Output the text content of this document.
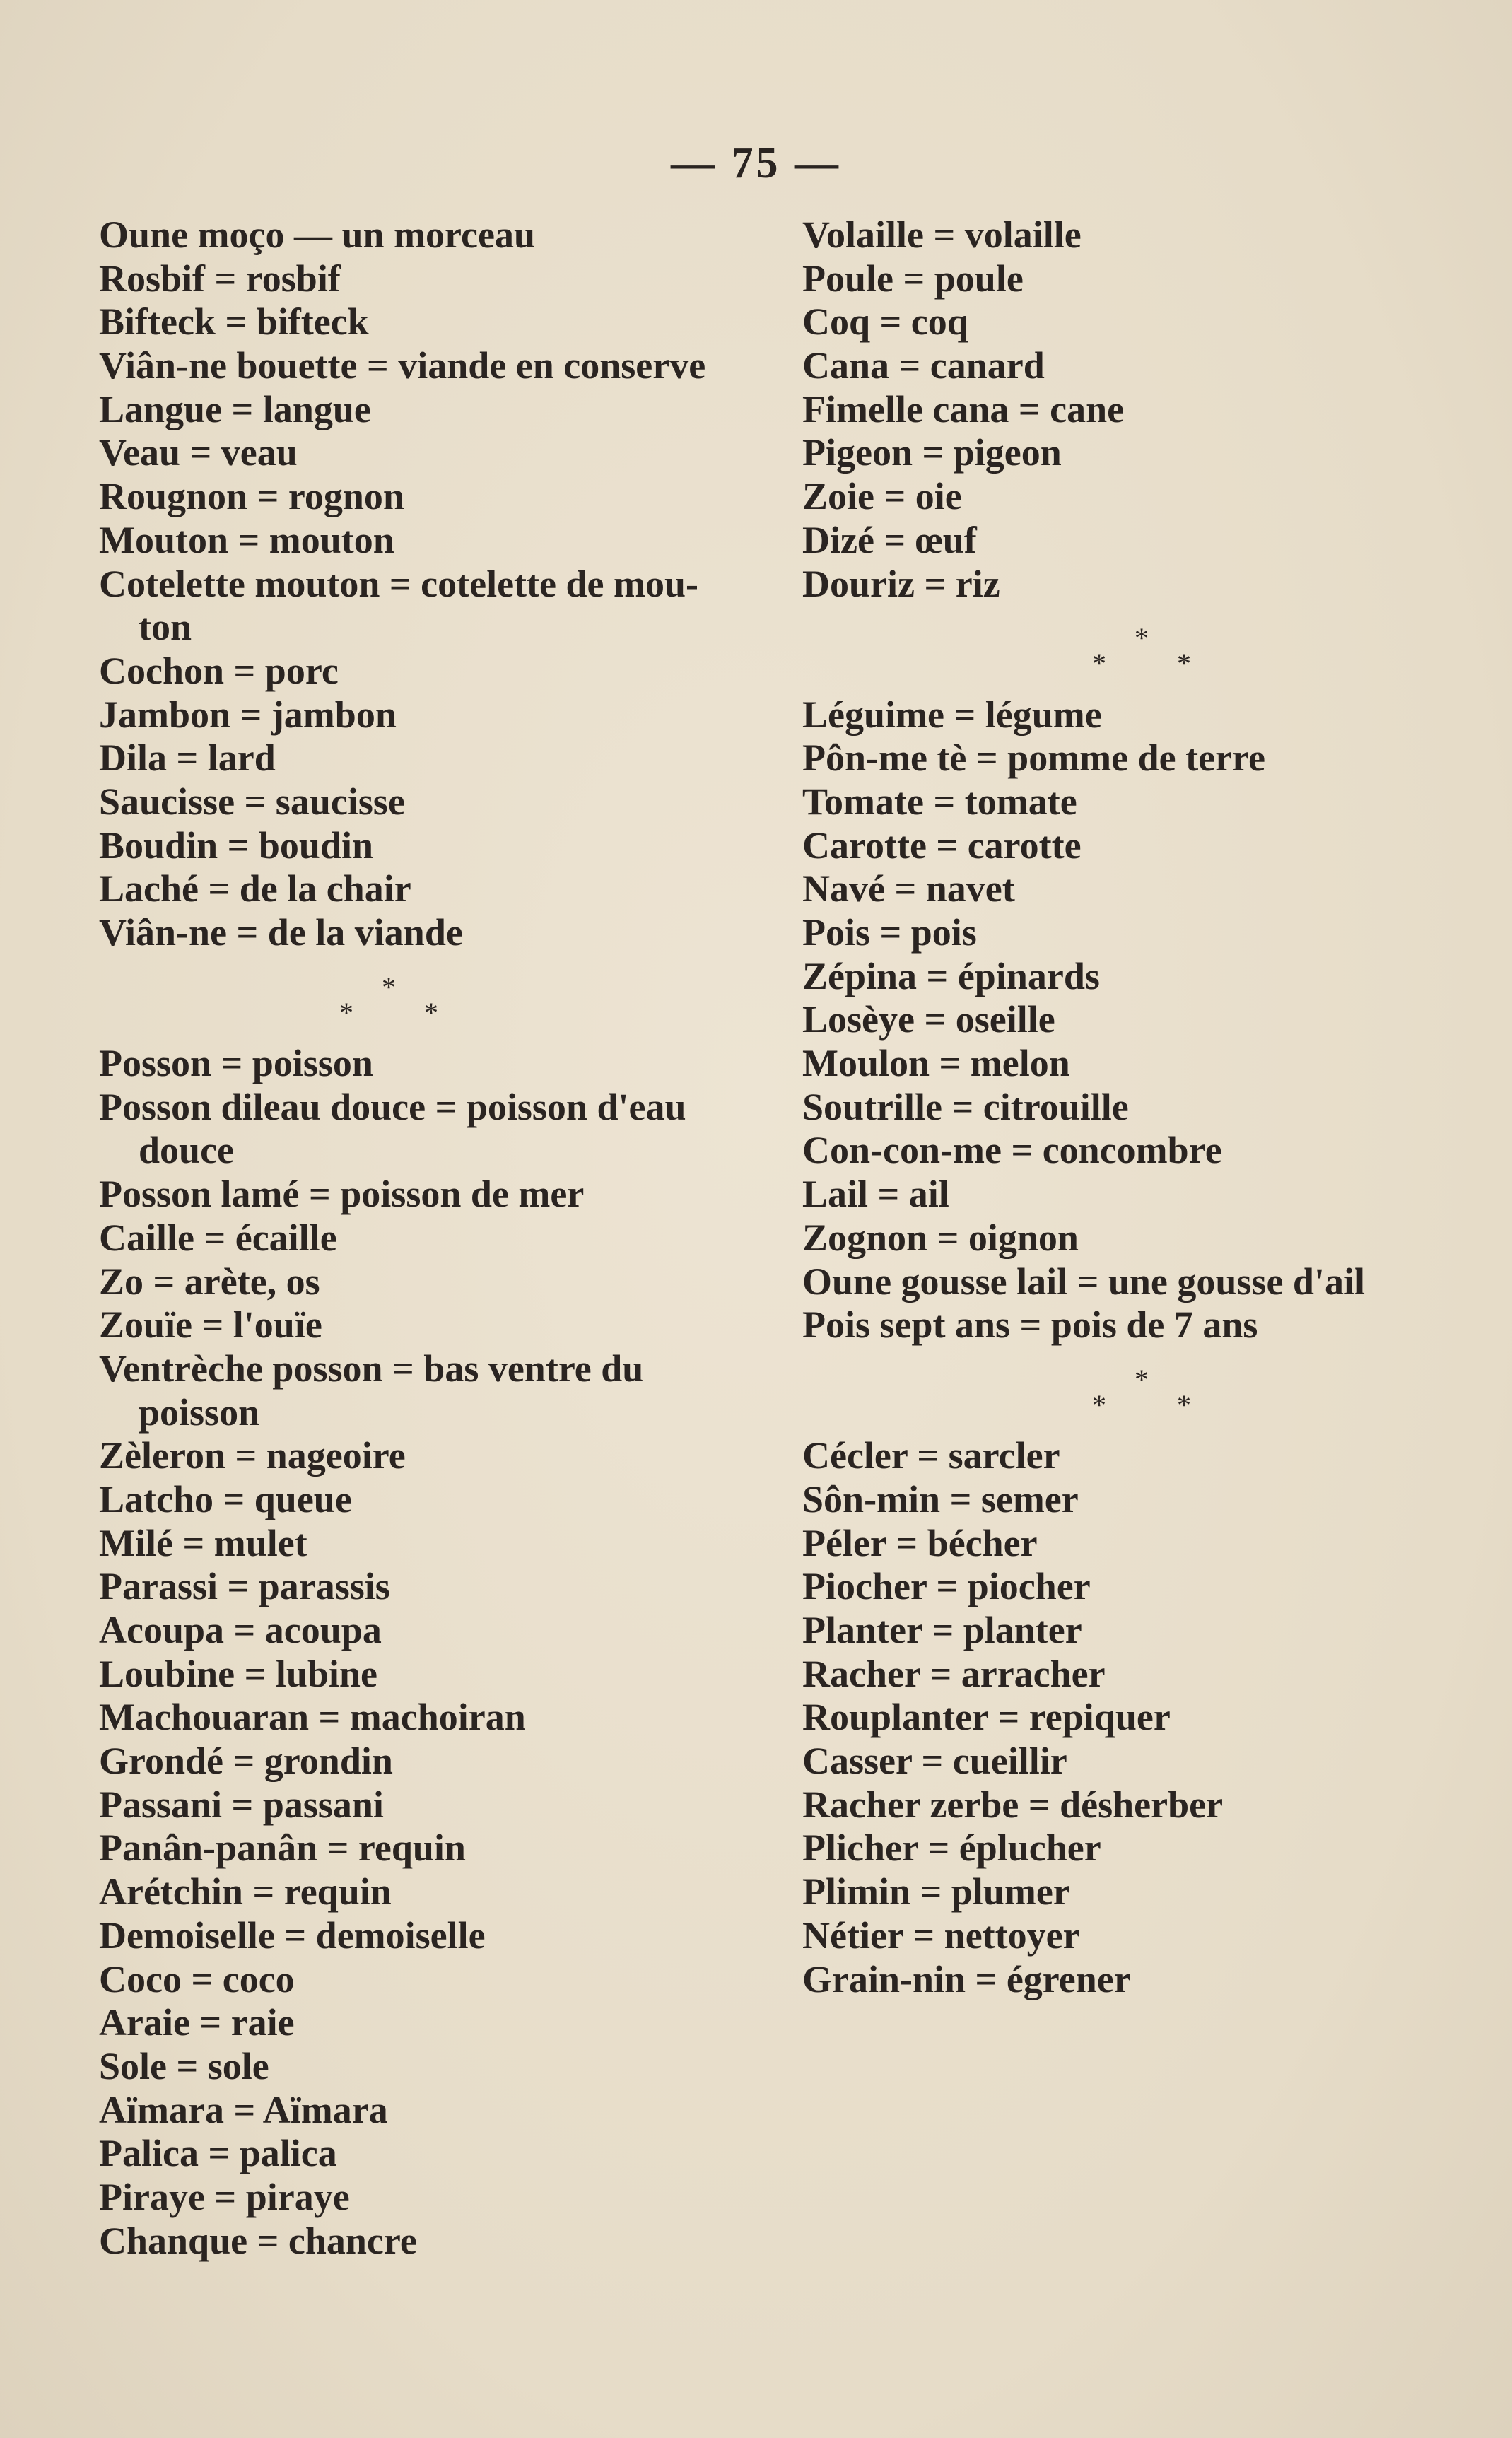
— 75 —
Oune moço — un morceau
Rosbif = rosbif
Bifteck = bifteck
Viân-ne bouette = viande en conserve
Langue = langue
Veau = veau
Rougnon = rognon
Mouton = mouton
Cotelette mouton = cotelette de mou-
ton
Cochon = porc
Jambon = jambon
Dila = lard
Saucisse = saucisse
Boudin = boudin
Laché = de la chair
Viân-ne = de la viande
*
*	*
Posson = poisson
Posson dileau douce = poisson d'eau
douce
Posson lamé = poisson de mer
Caille = écaille
Zo = arète, os
Zouïe = l'ouïe
Ventrèche posson = bas ventre du
poisson
Zèleron = nageoire
Latcho = queue
Milé = mulet
Parassi = parassis
Acoupa = acoupa
Loubine = lubine
Machouaran = machoiran
Grondé = grondin
Passani = passani
Panân-panân = requin
Arétchin = requin
Demoiselle = demoiselle
Coco = coco
Araie = raie
Sole = sole
Aïmara = Aïmara
Palica = palica
Piraye = piraye
Chanque = chancre
Volaille = volaille
Poule = poule
Coq = coq
Cana = canard
Fimelle cana = cane
Pigeon = pigeon
Zoie = oie
Dizé = œuf
Douriz = riz
*
*	*
Léguime = légume
Pôn-me tè = pomme de terre
Tomate = tomate
Carotte = carotte
Navé = navet
Pois = pois
Zépina = épinards
Losèye = oseille
Moulon = melon
Soutrille = citrouille
Con-con-me = concombre
Lail = ail
Zognon = oignon
Oune gousse lail = une gousse d'ail
Pois sept ans = pois de 7 ans
*
*	*
Cécler = sarcler
Sôn-min = semer
Péler = bécher
Piocher = piocher
Planter = planter
Racher = arracher
Rouplanter = repiquer
Casser = cueillir
Racher zerbe = désherber
Plicher = éplucher
Plimin = plumer
Nétier = nettoyer
Grain-nin = égrener
